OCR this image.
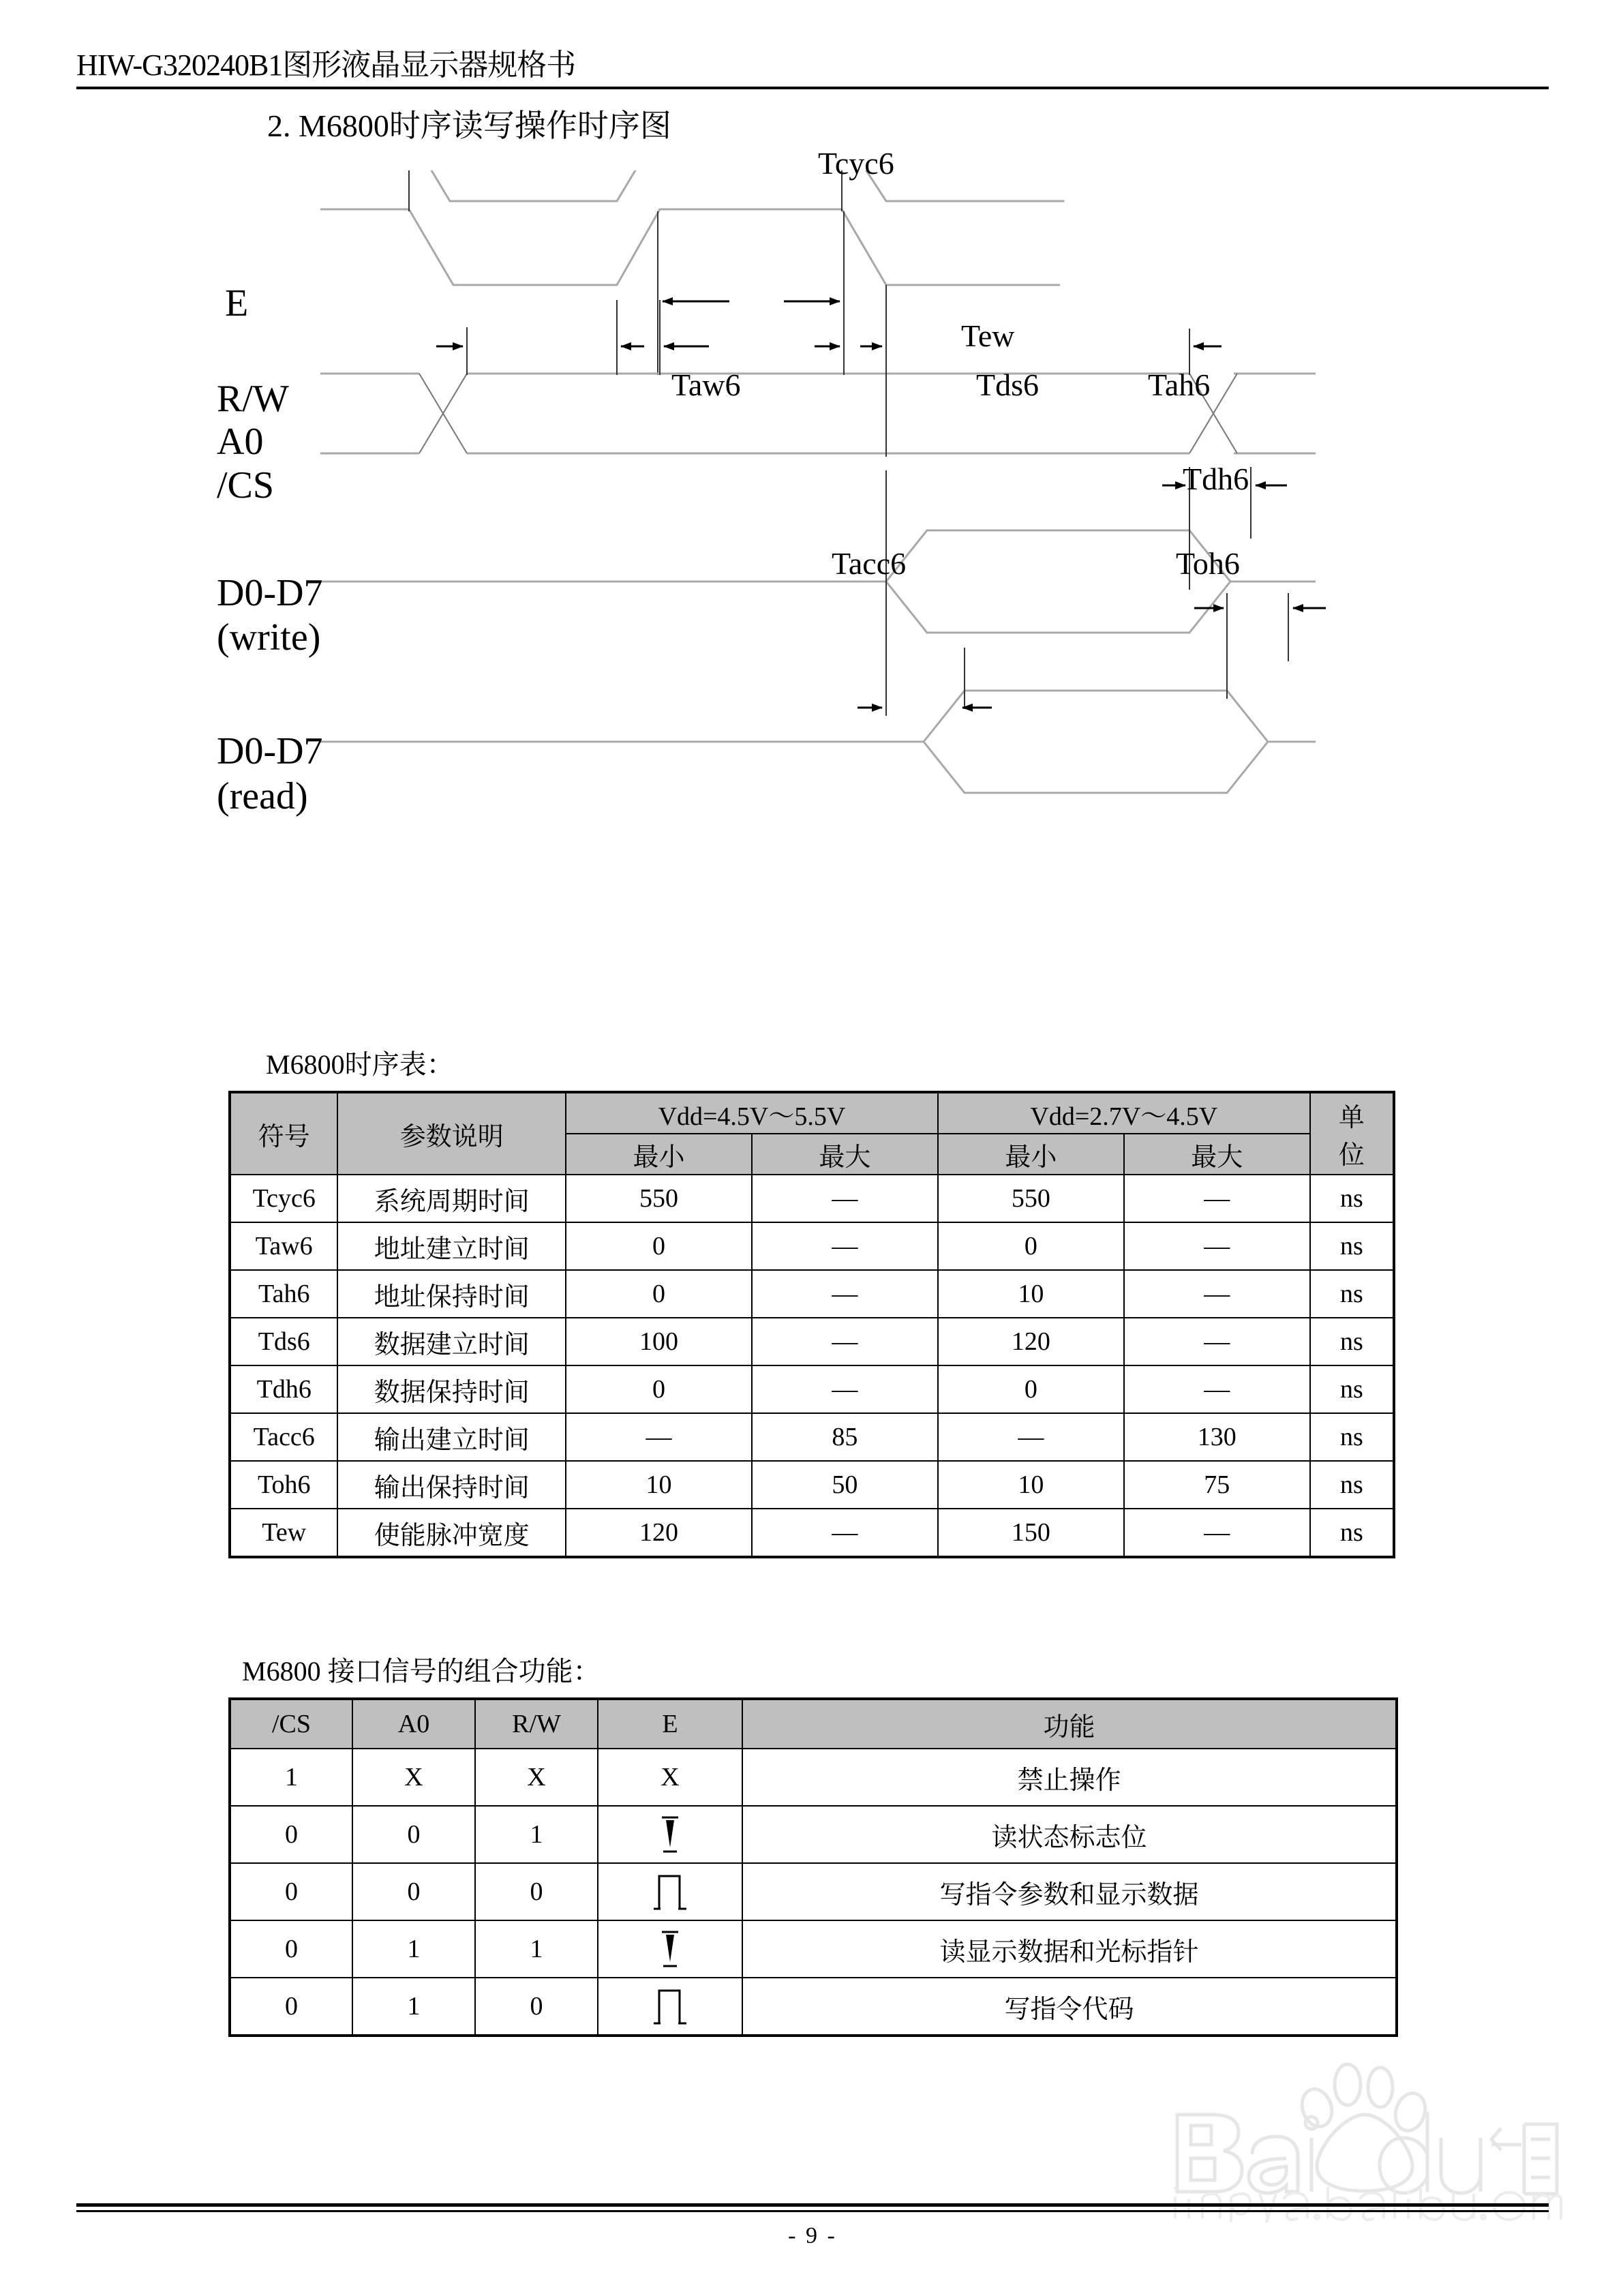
HIW-G320240B1图形液晶显示器规格书
2. M6800时序读写操作时序图
E
R/W
A0
/CS
D0-D7
(write)
D0-D7
(read)
Tcyc6
Tew
Taw6	Tds6	Tah6
Tdh6
Tacc6	Toh6
M6800时序表：
符号	参数说明	Vdd=4.5V～5.5V		Vdd=2.7V～4.5V		单
位

		最小	最大	最小	最大	
Tcyc6	系统周期时间	550	—	550	—	ns
Taw6	地址建立时间	0	—	0	—	ns
Tah6	地址保持时间	0	—	10	—	ns
Tds6	数据建立时间	100	—	120	—	ns
Tdh6	数据保持时间	0	—	0	—	ns
Tacc6	输出建立时间	—	85	—	130	ns
Toh6	输出保持时间	10	50	10	75	ns
Tew	使能脉冲宽度	120	—	150	—	ns
M6800 接口信号的组合功能：
/CS	A0	R/W	E	功能
1	X	X	X	禁止操作
0	0	1		读状态标志位
0	0	0		写指令参数和显示数据
0	1	1		读显示数据和光标指针
0	1	0		写指令代码
- 9 -
